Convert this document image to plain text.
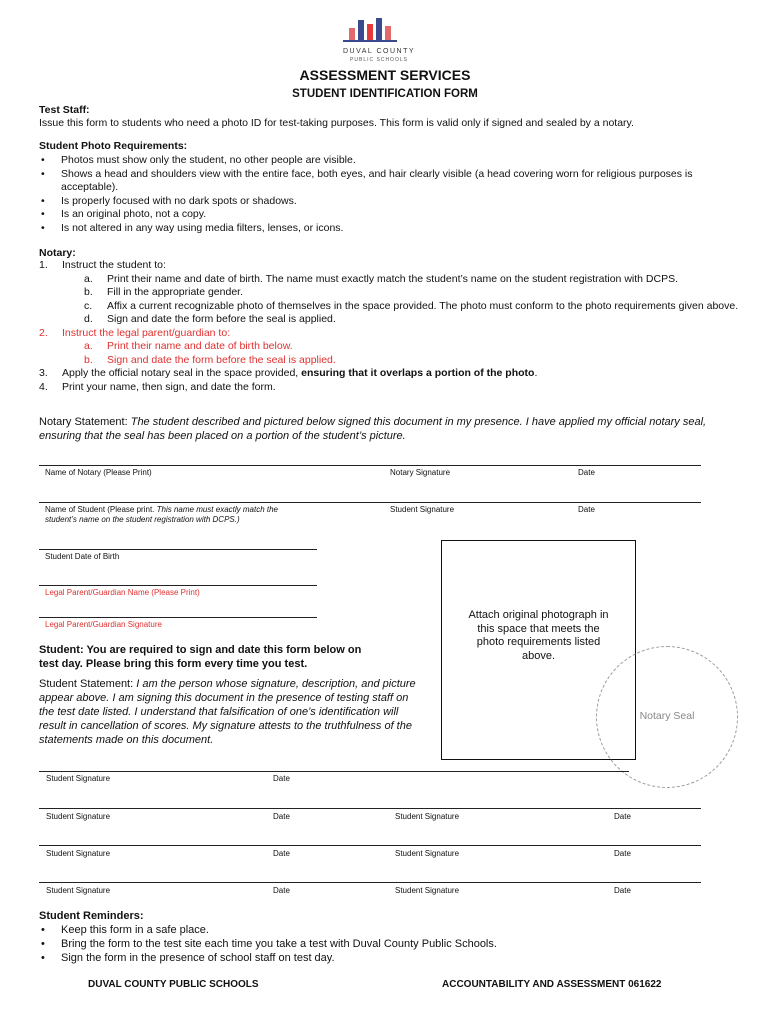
DUVAL COUNTY
PUBLIC SCHOOLS
ASSESSMENT SERVICES
STUDENT IDENTIFICATION FORM
Test Staff:
Issue this form to students who need a photo ID for test-taking purposes. This form is valid only if signed and sealed by a notary.
Student Photo Requirements:
• Photos must show only the student, no other people are visible.
• Shows a head and shoulders view with the entire face, both eyes, and hair clearly visible (a head covering worn for religious purposes is acceptable).
• Is properly focused with no dark spots or shadows.
• Is an original photo, not a copy.
• Is not altered in any way using media filters, lenses, or icons.
Notary:
1. Instruct the student to:
a. Print their name and date of birth. The name must exactly match the student’s name on the student registration with DCPS.
b. Fill in the appropriate gender.
c. Affix a current recognizable photo of themselves in the space provided. The photo must conform to the photo requirements given above.
d. Sign and date the form before the seal is applied.
2. Instruct the legal parent/guardian to:
a. Print their name and date of birth below.
b. Sign and date the form before the seal is applied.
3. Apply the official notary seal in the space provided, ensuring that it overlaps a portion of the photo.
4. Print your name, then sign, and date the form.
Notary Statement: The student described and pictured below signed this document in my presence. I have applied my official notary seal, ensuring that the seal has been placed on a portion of the student’s picture.
Name of Notary (Please Print)	Notary Signature	Date
Name of Student (Please print. This name must exactly match the student’s name on the student registration with DCPS.)
Student Signature	Date
Student Date of Birth
Legal Parent/Guardian Name (Please Print)
Legal Parent/Guardian Signature
Attach original photograph in this space that meets the photo requirements listed above.
Notary Seal
Student: You are required to sign and date this form below on test day. Please bring this form every time you test.
Student Statement: I am the person whose signature, description, and picture appear above. I am signing this document in the presence of testing staff on the test date listed. I understand that falsification of one’s identification will result in cancellation of scores. My signature attests to the truthfulness of the statements made on this document.
Student Signature	Date
Student Signature	Date	Student Signature	Date
Student Signature	Date	Student Signature	Date
Student Signature	Date	Student Signature	Date
Student Reminders:
• Keep this form in a safe place.
• Bring the form to the test site each time you take a test with Duval County Public Schools.
• Sign the form in the presence of school staff on test day.
DUVAL COUNTY PUBLIC SCHOOLS	ACCOUNTABILITY AND ASSESSMENT 061622
